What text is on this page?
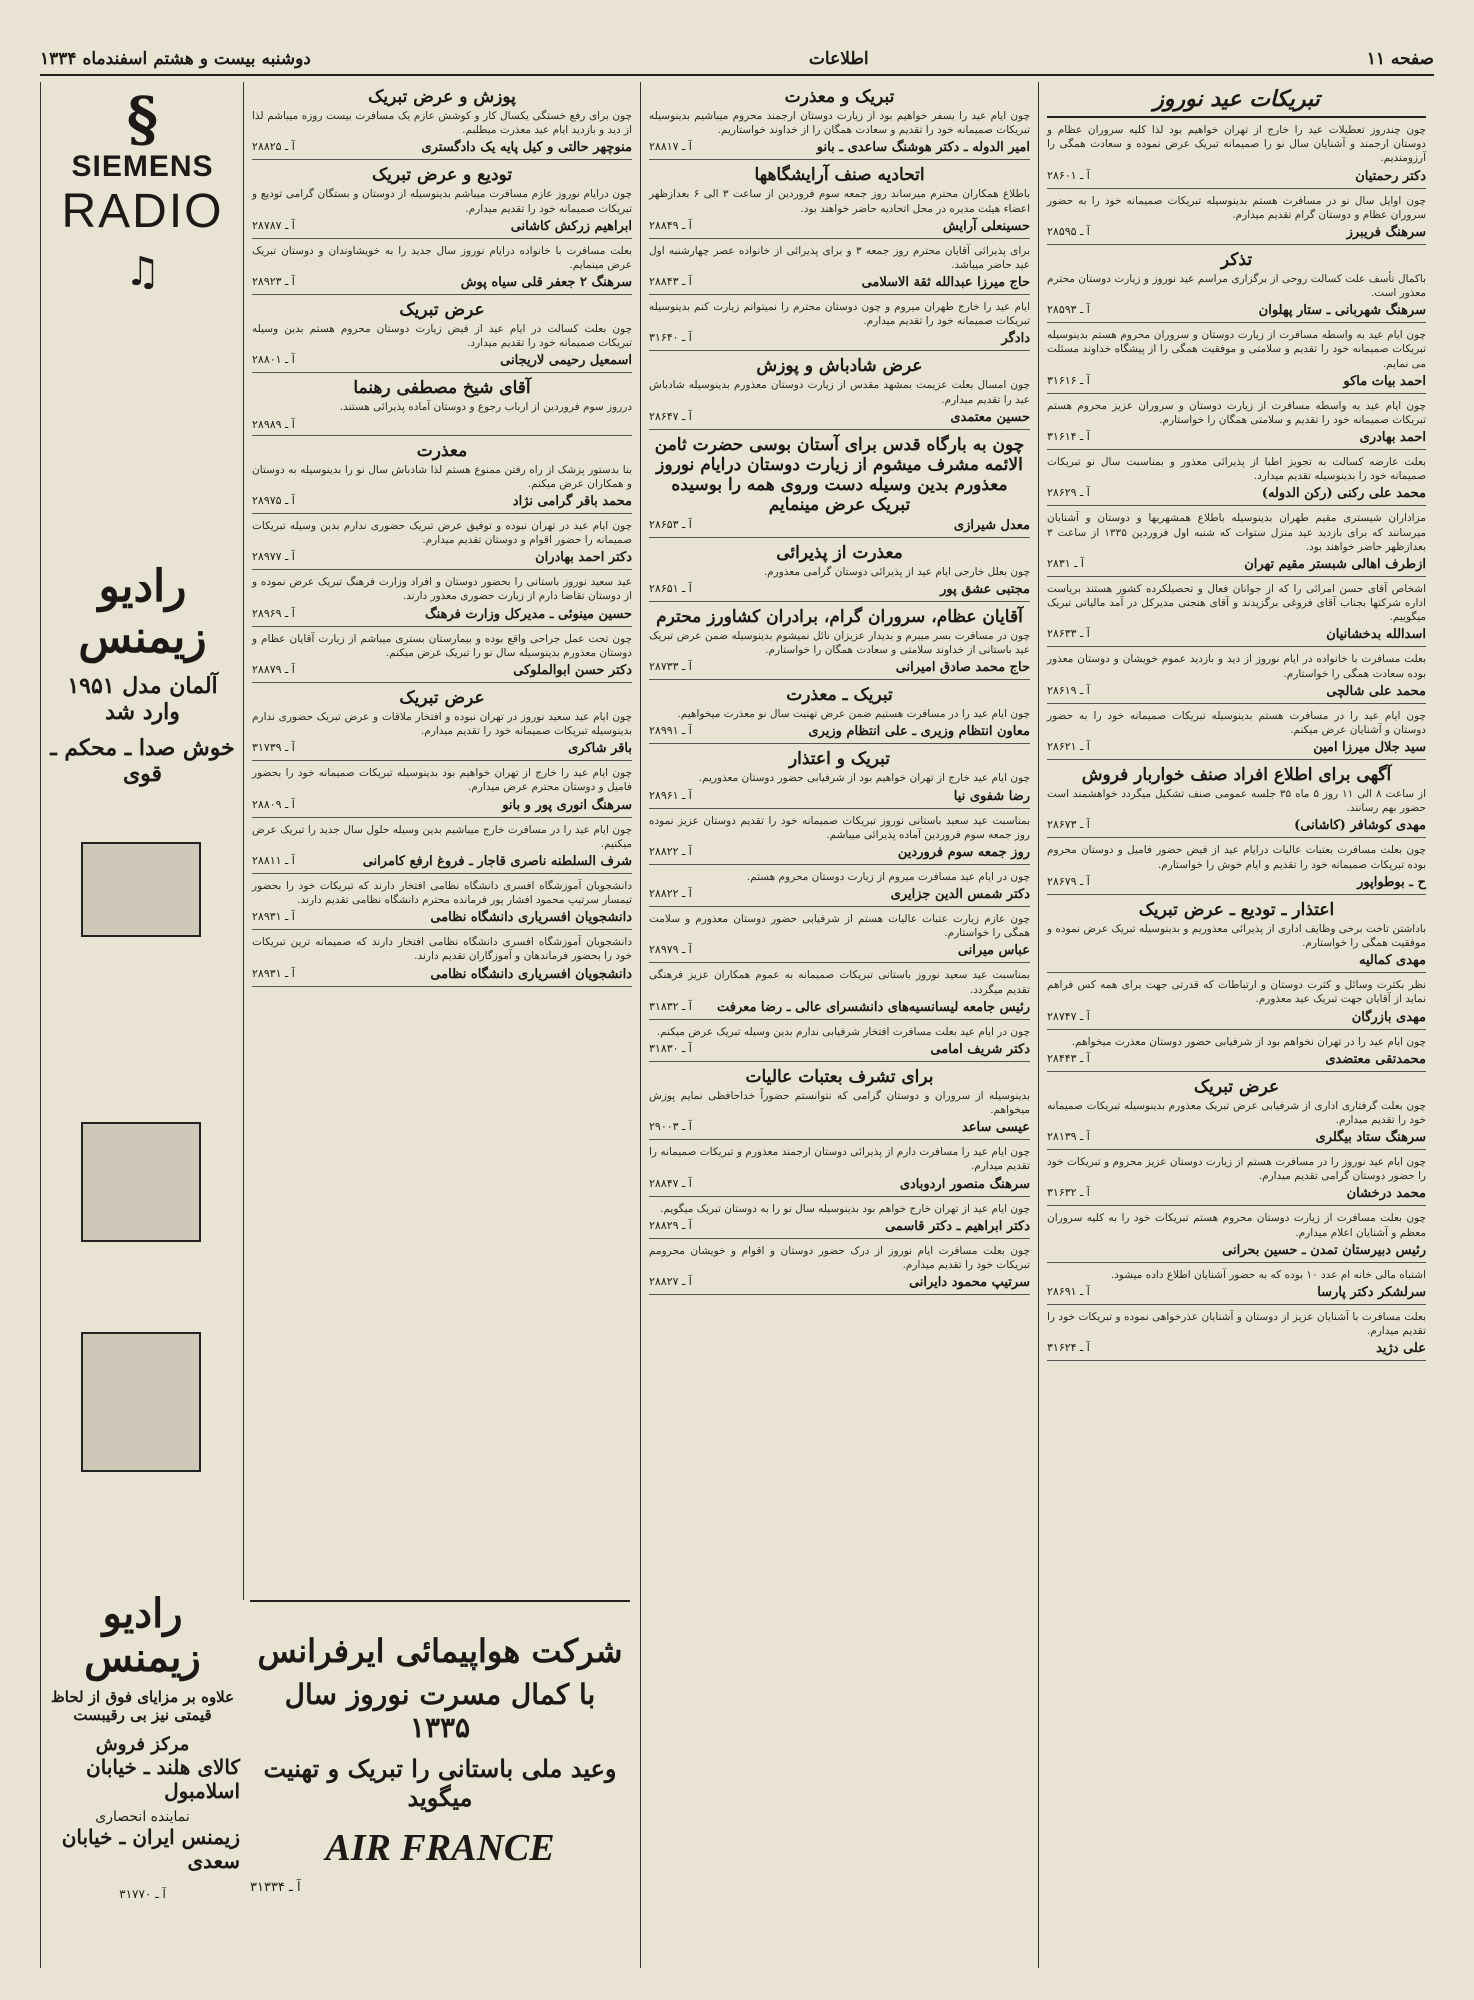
صفحه ۱۱
اطلاعات
دوشنبه بیست و هشتم اسفندماه ۱۳۳۴
تبریکات عید نوروز
چون چندروز تعطیلات عید را خارج از تهران خواهیم بود لذا کلیه سروران عظام و دوستان ارجمند و آشنایان سال نو را صمیمانه تبریک عرض نموده و سعادت همگی را آرزومندیم.
دکتر رحمتیان
آ ـ ۲۸۶۰۱
چون اوایل سال نو در مسافرت هستم بدینوسیله تبریکات صمیمانه خود را به حضور سروران عظام و دوستان گرام تقدیم میدارم.
سرهنگ فریبرز
آ ـ ۲۸۵۹۵
تذکر
باکمال تأسف علت کسالت روحی از برگزاری مراسم عید نوروز و زیارت دوستان محترم معذور است.
سرهنگ شهربانی ـ ستار پهلوان
آ ـ ۲۸۵۹۳
چون ایام عید به واسطه مسافرت از زیارت دوستان و سروران محروم هستم بدینوسیله تبریکات صمیمانه خود را تقدیم و سلامتی و موفقیت همگی را از پیشگاه خداوند مسئلت می نمایم.
احمد بیات ماکو
آ ـ ۳۱۶۱۶
چون ایام عید به واسطه مسافرت از زیارت دوستان و سروران عزیز محروم هستم تبریکات صمیمانه خود را تقدیم و سلامتی همگان را خواستارم.
احمد بهادری
آ ـ ۳۱۶۱۴
بعلت عارضه کسالت به تجویز اطبا از پذیرائی معذور و بمناسبت سال نو تبریکات صمیمانه خود را بدینوسیله تقدیم میدارد.
محمد علی رکنی (رکن الدوله)
آ ـ ۲۸۶۲۹
مزاداران شیستری مقیم طهران بدینوسیله باطلاع همشهریها و دوستان و آشنایان میرسانند که برای بازدید عید منزل ستوات که شنبه اول فروردین ۱۳۳۵ از ساعت ۳ بعدازظهر حاضر خواهند بود.
ازطرف اهالی شبستر مقیم تهران
آ ـ ۲۸۳۱
اشخاص آقای حسن امرائی را که از جوانان فعال و تحصیلکرده کشور هستند بریاست اداره شرکتها بجناب آقای فروغی برگزیدند و آقای هنجنی مدیرکل در آمد مالیاتی تبریک میگوییم.
اسدالله بدخشانیان
آ ـ ۲۸۶۳۳
بعلت مسافرت با خانواده در ایام نوروز از دید و بازدید عموم خویشان و دوستان معذور بوده سعادت همگی را خواستارم.
محمد علی شالچی
آ ـ ۲۸۶۱۹
چون ایام عید را در مسافرت هستم بدینوسیله تبریکات صمیمانه خود را به حضور دوستان و آشنایان عرض میکنم.
سید جلال میرزا امین
آ ـ ۲۸۶۲۱
آگهی برای اطلاع افراد صنف خواربار فروش
از ساعت ۸ الی ۱۱ روز ۵ ماه ۳۵ جلسه عمومی صنف تشکیل میگردد خواهشمند است حضور بهم رسانند.
مهدی کوشافر (کاشانی)
آ ـ ۲۸۶۷۳
چون بعلت مسافرت بعتبات عالیات درایام عید از فیض حضور فامیل و دوستان محروم بوده تبریکات صمیمانه خود را تقدیم و ایام خوش را خواستارم.
ح ـ بوطواپور
آ ـ ۲۸۶۷۹
اعتذار ـ تودیع ـ عرض تبریک
باداشتن تاخت برخی وظایف اداری از پذیرائی معذوریم و بدینوسیله تبریک عرض نموده و موفقیت همگی را خواستارم.
مهدی کمالیه
نظر بکثرت وسائل و کثرت دوستان و ارتباطات که قدرتی جهت برای همه کس فراهم نماید از آقایان جهت تبریک عید معذورم.
مهدی بازرگان
آ ـ ۲۸۷۴۷
چون ایام عید را در تهران نخواهم بود از شرفیابی حضور دوستان معذرت میخواهم.
محمدتقی معتضدی
آ ـ ۲۸۴۴۳
عرض تبریک
چون بعلت گرفتاری اداری از شرفیابی عرض تبریک معذورم بدینوسیله تبریکات صمیمانه خود را تقدیم میدارم.
سرهنگ ستاد بیگلری
آ ـ ۲۸۱۳۹
چون ایام عید نوروز را در مسافرت هستم از زیارت دوستان عزیز محروم و تبریکات خود را حضور دوستان گرامی تقدیم میدارم.
محمد درخشان
آ ـ ۳۱۶۳۲
چون بعلت مسافرت از زیارت دوستان محروم هستم تبریکات خود را به کلیه سروران معظم و آشنایان اعلام میدارم.
رئیس دبیرستان تمدن ـ حسین بحرانی
اشتباه مالی خانه ام عدد ۱۰ بوده که به حضور آشنایان اطلاع داده میشود.
سرلشکر دکتر پارسا
آ ـ ۲۸۶۹۱
بعلت مسافرت با آشنایان عزیز از دوستان و آشنایان عذرخواهی نموده و تبریکات خود را تقدیم میدارم.
علی دژید
آ ـ ۳۱۶۲۴
تبریک و معذرت
چون ایام عید را بسفر خواهیم بود از زیارت دوستان ارجمند محروم میباشیم بدینوسیله تبریکات صمیمانه خود را تقدیم و سعادت همگان را از خداوند خواستاریم.
امیر الدوله ـ دکتر هوشنگ ساعدی ـ بانو
آ ـ ۲۸۸۱۷
اتحادیه صنف آرایشگاهها
باطلاع همکاران محترم میرساند روز جمعه سوم فروردین از ساعت ۳ الی ۶ بعدازظهر اعضاء هیئت مدیره در محل اتحادیه حاضر خواهند بود.
حسینعلی آرایش
آ ـ ۲۸۸۴۹
برای پذیرائی آقایان محترم روز جمعه ۳ و برای پذیرائی از خانواده عصر چهارشنبه اول عید حاضر میباشد.
حاج میرزا عبدالله ثقة الاسلامی
آ ـ ۲۸۸۴۳
ایام عید را خارج طهران میروم و چون دوستان محترم را نمیتوانم زیارت کنم بدینوسیله تبریکات صمیمانه خود را تقدیم میدارم.
دادگر
آ ـ ۳۱۶۴۰
عرض شادباش و پوزش
چون امسال بعلت عزیمت بمشهد مقدس از زیارت دوستان معذورم بدینوسیله شادباش عید را تقدیم میدارم.
حسین معتمدی
آ ـ ۲۸۶۴۷
چون به بارگاه قدس برای آستان بوسی حضرت ثامن الائمه مشرف میشوم از زیارت دوستان درایام نوروز معذورم بدین وسیله دست وروی همه را بوسیده تبریک عرض مینمایم
معدل شیرازی
آ ـ ۲۸۶۵۳
معذرت از پذیرائی
چون بعلل خارجی ایام عید از پذیرائی دوستان گرامی معذورم.
مجتبی عشق پور
آ ـ ۲۸۶۵۱
آقایان عظام، سروران گرام، برادران کشاورز محترم
چون در مسافرت بسر میبرم و بدیدار عزیزان نائل نمیشوم بدینوسیله ضمن عرض تبریک عید باستانی از خداوند سلامتی و سعادت همگان را خواستارم.
حاج محمد صادق امیرانی
آ ـ ۲۸۷۳۳
تبریک ـ معذرت
چون ایام عید را در مسافرت هستیم ضمن عرض تهنیت سال نو معذرت میخواهیم.
معاون انتظام وزیری ـ علی انتظام وزیری
آ ـ ۲۸۹۹۱
تبریک و اعتذار
چون ایام عید خارج از تهران خواهیم بود از شرفیابی حضور دوستان معذوریم.
رضا شفوی نیا
آ ـ ۲۸۹۶۱
بمناسبت عید سعید باستانی نوروز تبریکات صمیمانه خود را تقدیم دوستان عزیز نموده روز جمعه سوم فروردین آماده پذیرائی میباشم.
روز جمعه سوم فروردین
آ ـ ۲۸۸۲۲
چون در ایام عید مسافرت میروم از زیارت دوستان محروم هستم.
دکتر شمس الدین جزایری
آ ـ ۲۸۸۲۲
چون عازم زیارت عتبات عالیات هستم از شرفیابی حضور دوستان معذورم و سلامت همگی را خواستارم.
عباس میرانی
آ ـ ۲۸۹۷۹
بمناسبت عید سعید نوروز باستانی تبریکات صمیمانه به عموم همکاران عزیز فرهنگی تقدیم میگردد.
رئیس جامعه لیسانسیه‌های دانشسرای عالی ـ رضا معرفت
آ ـ ۳۱۸۳۲
چون در ایام عید بعلت مسافرت افتخار شرفیابی ندارم بدین وسیله تبریک عرض میکنم.
دکتر شریف امامی
آ ـ ۳۱۸۳۰
برای تشرف بعتبات عالیات
بدینوسیله از سروران و دوستان گرامی که نتوانستم حضوراً خداحافظی نمایم پوزش میخواهم.
عیسی ساعد
آ ـ ۲۹۰۰۳
چون ایام عید را مسافرت دارم از پذیرائی دوستان ارجمند معذورم و تبریکات صمیمانه را تقدیم میدارم.
سرهنگ منصور اردوبادی
آ ـ ۲۸۸۴۷
چون ایام عید از تهران خارج خواهم بود بدینوسیله سال نو را به دوستان تبریک میگویم.
دکتر ابراهیم ـ دکتر قاسمی
آ ـ ۲۸۸۲۹
چون بعلت مسافرت ایام نوروز از درک حضور دوستان و اقوام و خویشان محرومم تبریکات خود را تقدیم میدارم.
سرتیپ محمود دایرانی
آ ـ ۲۸۸۲۷
پوزش و عرض تبریک
چون برای رفع خستگی یکسال کار و کوشش عازم یک مسافرت بیست روزه میباشم لذا از دید و بازدید ایام عید معذرت میطلبم.
منوچهر حالتی و کیل پایه یک دادگستری
آ ـ ۲۸۸۲۵
تودیع و عرض تبریک
چون درایام نوروز عازم مسافرت میباشم بدینوسیله از دوستان و بستگان گرامی تودیع و تبریکات صمیمانه خود را تقدیم میدارم.
ابراهیم زرکش کاشانی
آ ـ ۲۸۷۸۷
بعلت مسافرت با خانواده درایام نوروز سال جدید را به خویشاوندان و دوستان تبریک عرض مینمایم.
سرهنگ ۲ جعفر قلی سیاه پوش
آ ـ ۲۸۹۲۳
عرض تبریک
چون بعلت کسالت در ایام عید از فیض زیارت دوستان محروم هستم بدین وسیله تبریکات صمیمانه خود را تقدیم میدارد.
اسمعیل رحیمی لاریجانی
آ ـ ۲۸۸۰۱
آقای شیخ مصطفی رهنما
درروز سوم فروردین از ارباب رجوع و دوستان آماده پذیرائی هستند.
آ ـ ۲۸۹۸۹
معذرت
بنا بدستور پزشک از راه رفتن ممنوع هستم لذا شادباش سال نو را بدینوسیله به دوستان و همکاران عرض میکنم.
محمد باقر گرامی نژاد
آ ـ ۲۸۹۷۵
چون ایام عید در تهران نبوده و توفیق عرض تبریک حضوری ندارم بدین وسیله تبریکات صمیمانه را حضور اقوام و دوستان تقدیم میدارم.
دکتر احمد بهادران
آ ـ ۲۸۹۷۷
عید سعید نوروز باستانی را بحضور دوستان و افراد وزارت فرهنگ تبریک عرض نموده و از دوستان تقاضا دارم از زیارت حضوری معذور دارند.
حسین مینوئی ـ مدیرکل وزارت فرهنگ
آ ـ ۲۸۹۶۹
چون تحت عمل جراحی واقع بوده و بیمارستان بستری میباشم از زیارت آقایان عظام و دوستان معذورم بدینوسیله سال نو را تبریک عرض میکنم.
دکتر حسن ابوالملوکی
آ ـ ۲۸۸۷۹
عرض تبریک
چون ایام عید سعید نوروز در تهران نبوده و افتخار ملاقات و عرض تبریک حضوری ندارم بدینوسیله تبریکات صمیمانه خود را تقدیم میدارم.
باقر شاکری
آ ـ ۳۱۷۳۹
چون ایام عید را خارج از تهران خواهیم بود بدینوسیله تبریکات صمیمانه خود را بحضور فامیل و دوستان محترم عرض میدارم.
سرهنگ انوری پور و بانو
آ ـ ۲۸۸۰۹
چون ایام عید را در مسافرت خارج میباشیم بدین وسیله حلول سال جدید را تبریک عرض میکنیم.
شرف السلطنه ناصری قاجار ـ فروغ ارفع کامرانی
آ ـ ۲۸۸۱۱
دانشجویان آموزشگاه افسری دانشگاه نظامی افتخار دارند که تبریکات خود را بحضور تیمسار سرتیپ محمود افشار پور فرمانده محترم دانشگاه نظامی تقدیم دارند.
دانشجویان افسریاری دانشگاه نظامی
آ ـ ۲۸۹۳۱
دانشجویان آموزشگاه افسری دانشگاه نظامی افتخار دارند که صمیمانه ترین تبریکات خود را بحضور فرماندهان و آموزگاران تقدیم دارند.
دانشجویان افسریاری دانشگاه نظامی
آ ـ ۲۸۹۳۱
شرکت هواپیمائی ایرفرانس
با کمال مسرت نوروز سال ۱۳۳۵
وعید ملی باستانی را تبریک و تهنیت میگوید
AIR FRANCE
آ ـ ۳۱۳۳۴
§
SIEMENS
RADIO
♫
رادیو زیمنس
آلمان مدل ۱۹۵۱ وارد شد
خوش صدا ـ محکم ـ قوی
رادیو زیمنس
علاوه بر مزایای فوق از لحاظ قیمتی نیز بی رقیبست
مرکز فروش
کالای هلند ـ خیابان اسلامبول
نماینده انحصاری
زیمنس ایران ـ خیابان سعدی
آ ـ ۳۱۷۷۰
